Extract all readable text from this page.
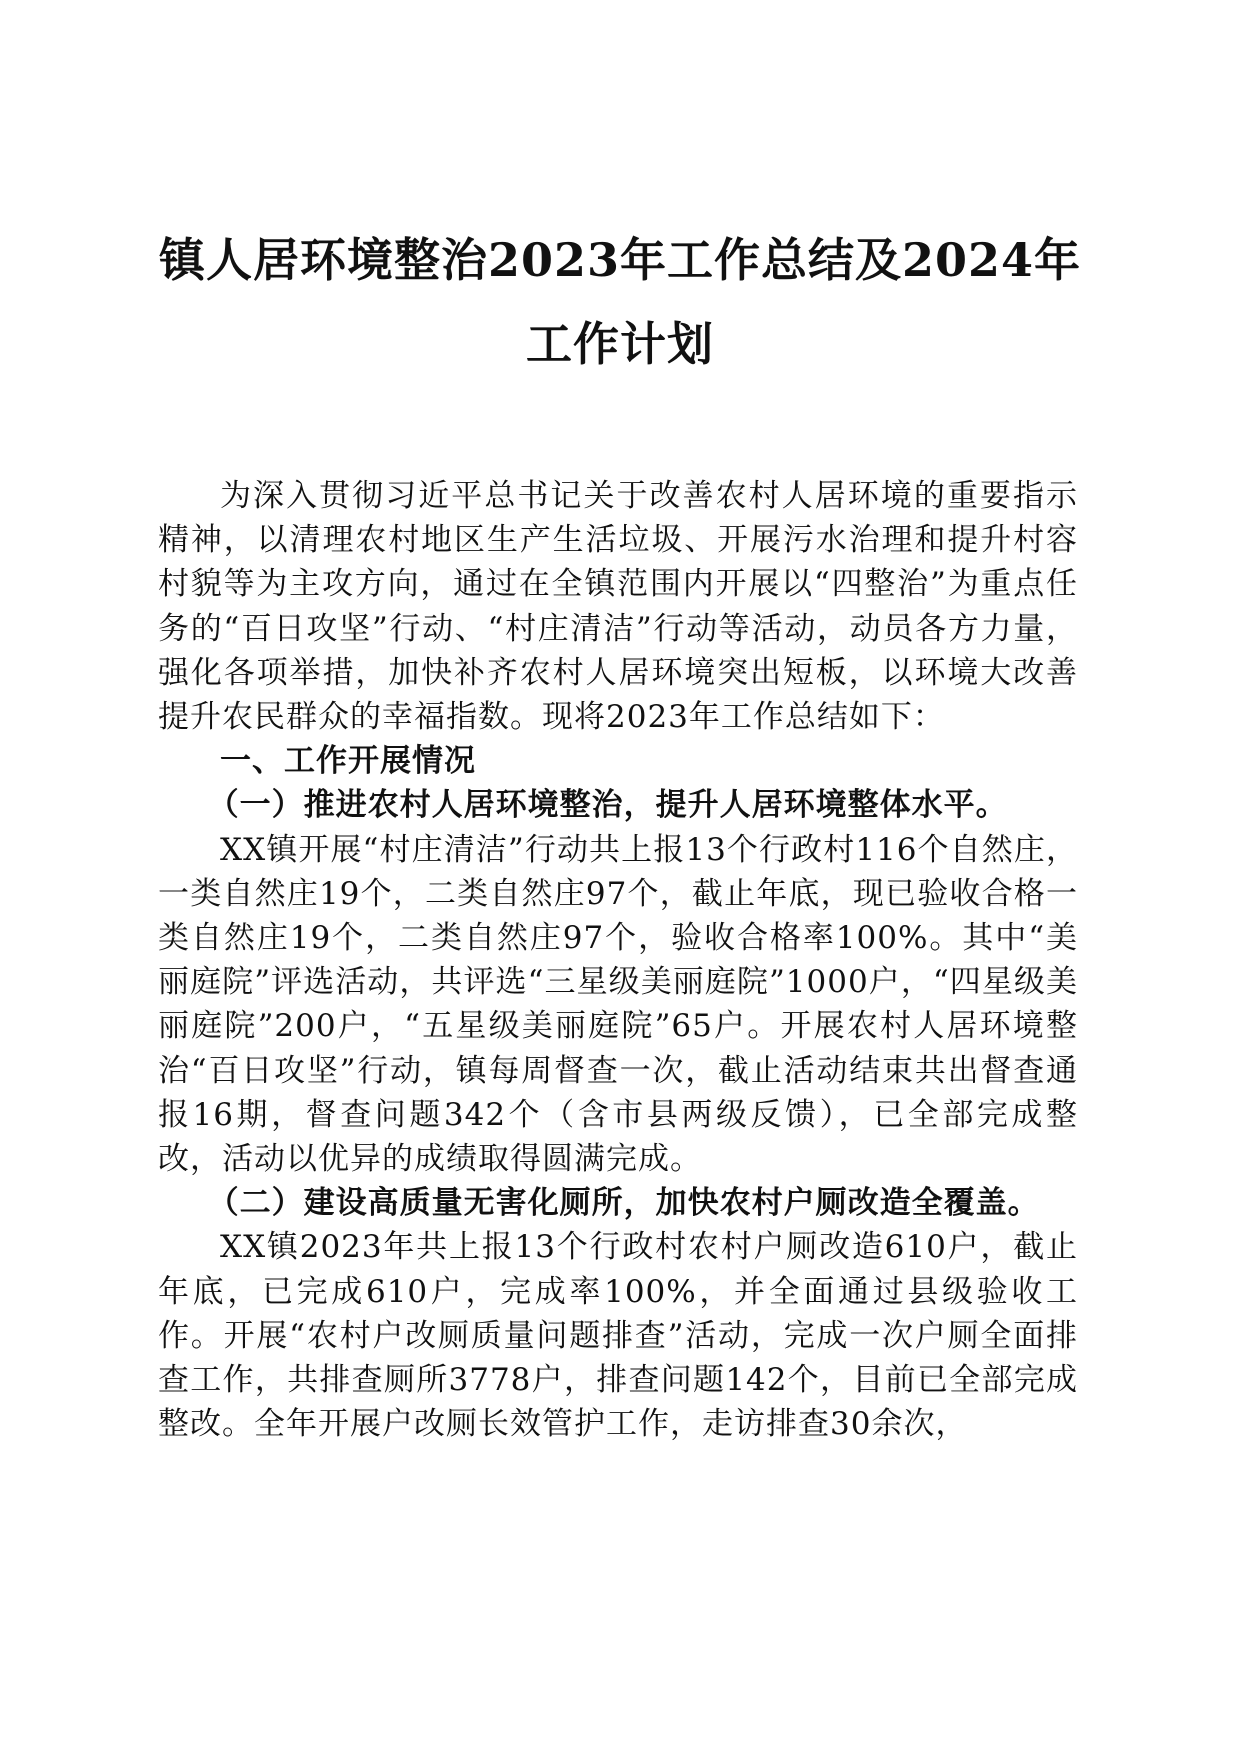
镇人居环境整治2023年工作总结及2024年工作计划

为深入贯彻习近平总书记关于改善农村人居环境的重要指示精神，以清理农村地区生产生活垃圾、开展污水治理和提升村容村貌等为主攻方向，通过在全镇范围内开展以“四整治”为重点任务的“百日攻坚”行动、“村庄清洁”行动等活动，动员各方力量，强化各项举措，加快补齐农村人居环境突出短板，以环境大改善提升农民群众的幸福指数。现将2023年工作总结如下：

一、工作开展情况

（一）推进农村人居环境整治，提升人居环境整体水平。

XX镇开展“村庄清洁”行动共上报13个行政村116个自然庄，一类自然庄19个，二类自然庄97个，截止年底，现已验收合格一类自然庄19个，二类自然庄97个，验收合格率100%。其中“美丽庭院”评选活动，共评选“三星级美丽庭院”1000户，“四星级美丽庭院”200户，“五星级美丽庭院”65户。开展农村人居环境整治“百日攻坚”行动，镇每周督查一次，截止活动结束共出督查通报16期，督查问题342个（含市县两级反馈），已全部完成整改，活动以优异的成绩取得圆满完成。

（二）建设高质量无害化厕所，加快农村户厕改造全覆盖。

XX镇2023年共上报13个行政村农村户厕改造610户，截止年底，已完成610户，完成率100%，并全面通过县级验收工作。开展“农村户改厕质量问题排查”活动，完成一次户厕全面排查工作，共排查厕所3778户，排查问题142个，目前已全部完成整改。全年开展户改厕长效管护工作，走访排查30余次，
